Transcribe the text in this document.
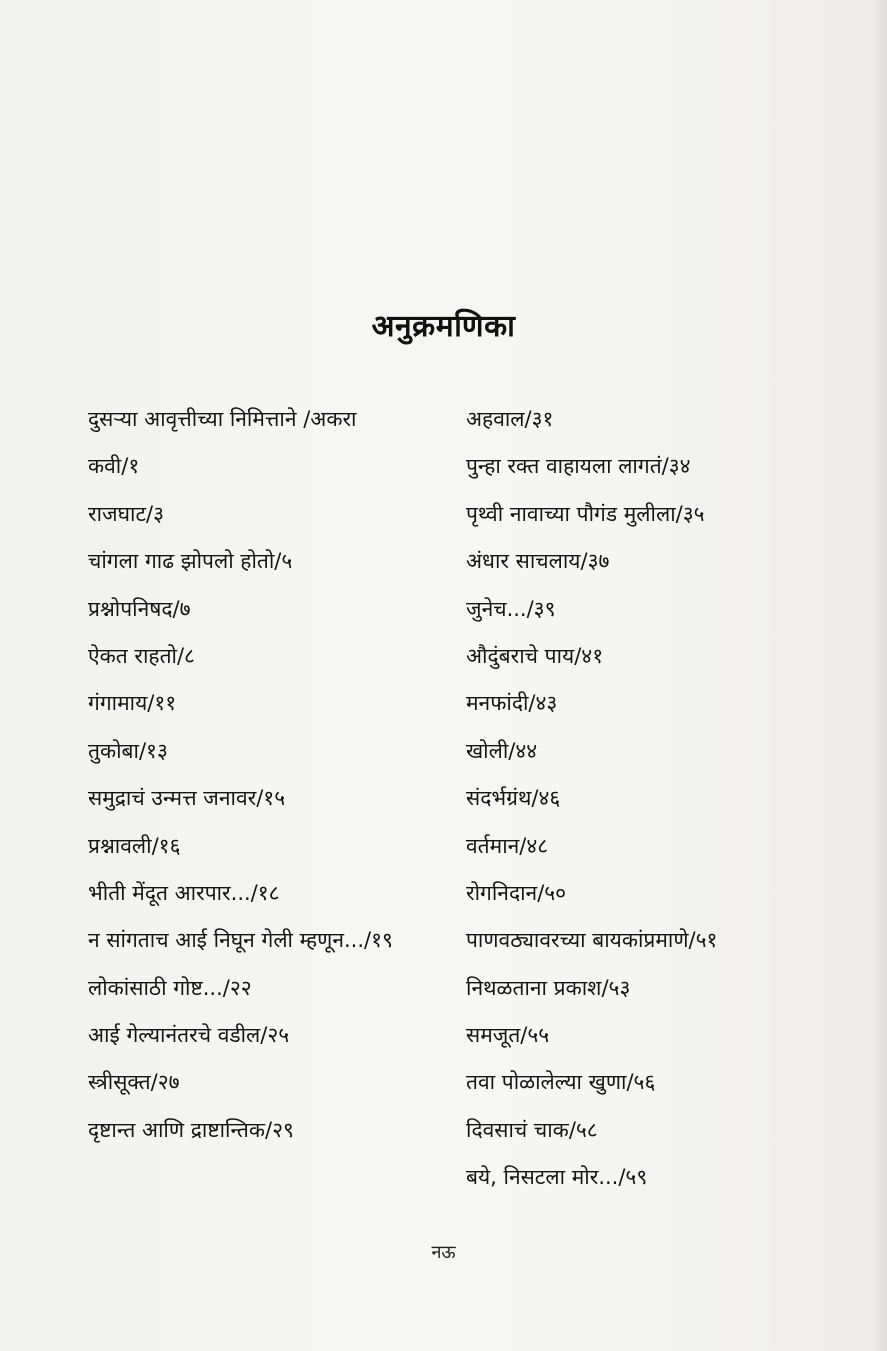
अनुक्रमणिका
दुसऱ्या आवृत्तीच्या निमित्ताने /अकरा
कवी/१
राजघाट/३
चांगला गाढ झोपलो होतो/५
प्रश्नोपनिषद/७
ऐकत राहतो/८
गंगामाय/११
तुकोबा/१३
समुद्राचं उन्मत्त जनावर/१५
प्रश्नावली/१६
भीती मेंदूत आरपार.../१८
न सांगताच आई निघून गेली म्हणून.../१९
लोकांसाठी गोष्ट.../२२
आई गेल्यानंतरचे वडील/२५
स्त्रीसूक्त/२७
दृष्टान्त आणि द्राष्टान्तिक/२९
अहवाल/३१
पुन्हा रक्त वाहायला लागतं/३४
पृथ्वी नावाच्या पौगंड मुलीला/३५
अंधार साचलाय/३७
जुनेच.../३९
औदुंबराचे पाय/४१
मनफांदी/४३
खोली/४४
संदर्भग्रंथ/४६
वर्तमान/४८
रोगनिदान/५०
पाणवठ्यावरच्या बायकांप्रमाणे/५१
निथळताना प्रकाश/५३
समजूत/५५
तवा पोळालेल्या खुणा/५६
दिवसाचं चाक/५८
बये, निसटला मोर.../५९
नऊ
